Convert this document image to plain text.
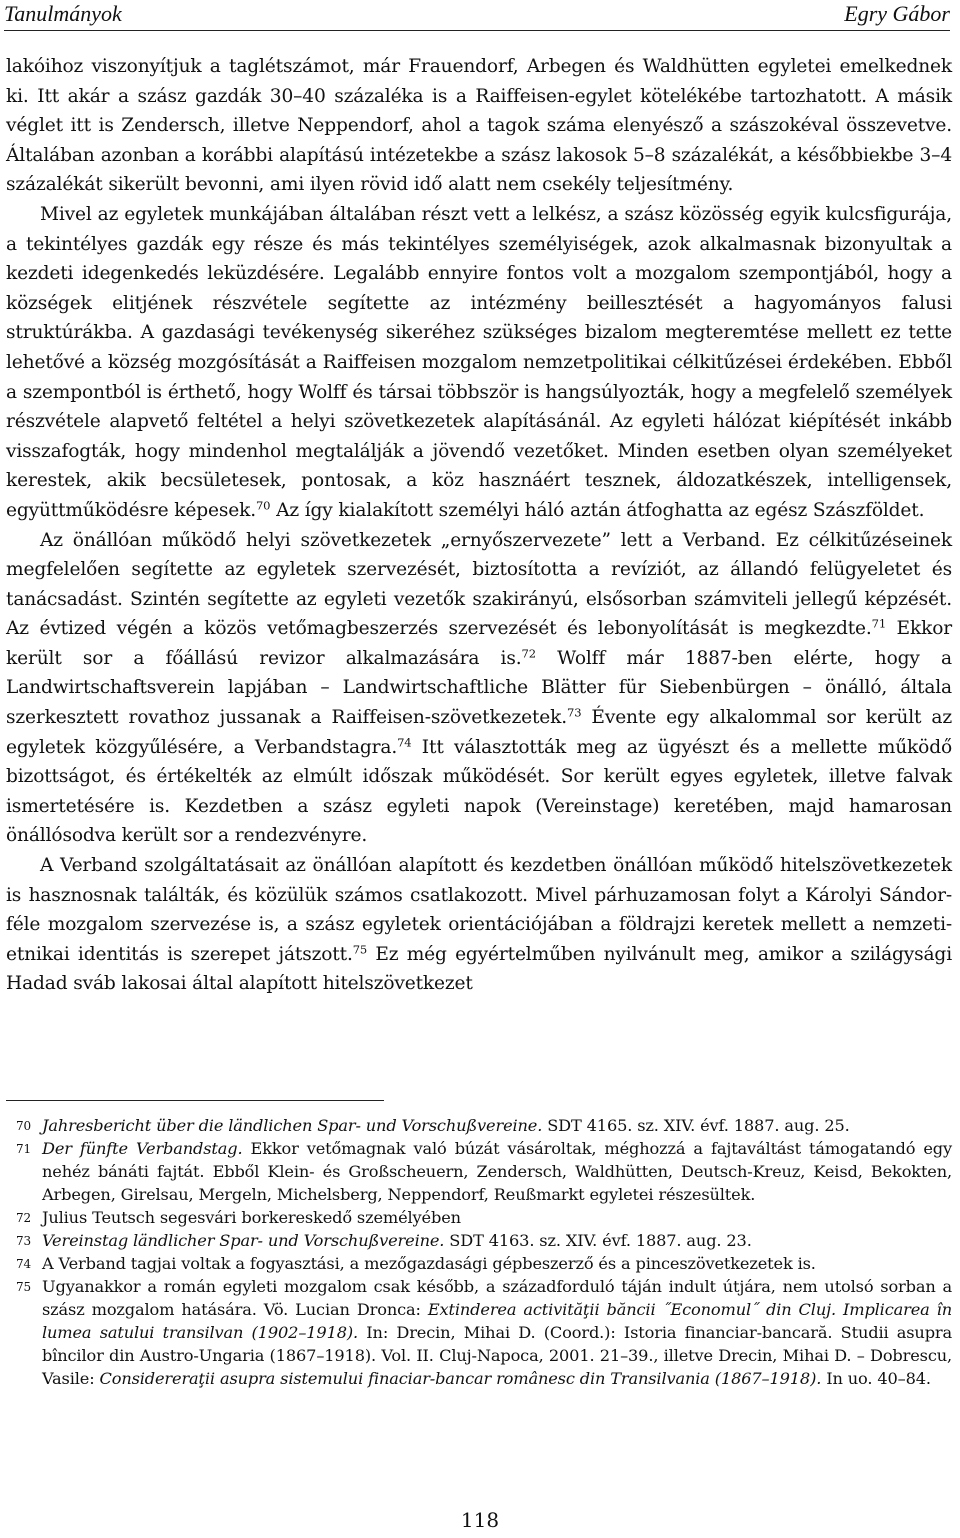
Tanulmányok	Egry Gábor

lakóihoz viszonyítjuk a taglétszámot, már Frauendorf, Arbegen és Waldhütten egyletei emelkednek ki. Itt akár a szász gazdák 30–40 százaléka is a Raiffeisen-egylet kötelékébe tartozhatott. A másik véglet itt is Zendersch, illetve Neppendorf, ahol a tagok száma elenyésző a szászokéval összevetve. Általában azonban a korábbi alapítású intézetekbe a szász lakosok 5–8 százalékát, a későbbiekbe 3–4 százalékát sikerült bevonni, ami ilyen rövid idő alatt nem csekély teljesítmény.

Mivel az egyletek munkájában általában részt vett a lelkész, a szász közösség egyik kulcsfigurája, a tekintélyes gazdák egy része és más tekintélyes személyiségek, azok alkalmasnak bizonyultak a kezdeti idegenkedés leküzdésére. Legalább ennyire fontos volt a mozgalom szempontjából, hogy a községek elitjének részvétele segítette az intézmény beillesztését a hagyományos falusi struktúrákba. A gazdasági tevékenység sikeréhez szükséges bizalom megteremtése mellett ez tette lehetővé a község mozgósítását a Raiffeisen mozgalom nemzetpolitikai célkitűzései érdekében. Ebből a szempontból is érthető, hogy Wolff és társai többször is hangsúlyozták, hogy a megfelelő személyek részvétele alapvető feltétel a helyi szövetkezetek alapításánál. Az egyleti hálózat kiépítését inkább visszafogták, hogy mindenhol megtalálják a jövendő vezetőket. Minden esetben olyan személyeket kerestek, akik becsületesek, pontosak, a köz hasznáért tesznek, áldozatkészek, intelligensek, együttműködésre képesek.$^{70}$ Az így kialakított személyi háló aztán átfoghatta az egész Szászföldet.

Az önállóan működő helyi szövetkezetek „ernyőszervezete” lett a Verband. Ez célkitűzéseinek megfelelően segítette az egyletek szervezését, biztosította a revíziót, az állandó felügyeletet és tanácsadást. Szintén segítette az egyleti vezetők szakirányú, elsősorban számviteli jellegű képzését. Az évtized végén a közös vetőmagbeszerzés szervezését és lebonyolítását is megkezdte.$^{71}$ Ekkor került sor a főállású revizor alkalmazására is.$^{72}$ Wolff már 1887-ben elérte, hogy a Landwirtschaftsverein lapjában – Landwirtschaftliche Blätter für Siebenbürgen – önálló, általa szerkesztett rovathoz jussanak a Raiffeisen-szövetkezetek.$^{73}$ Évente egy alkalommal sor került az egyletek közgyűlésére, a Verbandstagra.$^{74}$ Itt választották meg az ügyészt és a mellette működő bizottságot, és értékelték az elmúlt időszak működését. Sor került egyes egyletek, illetve falvak ismertetésére is. Kezdetben a szász egyleti napok (Vereinstage) keretében, majd hamarosan önállósodva került sor a rendezvényre.

A Verband szolgáltatásait az önállóan alapított és kezdetben önállóan működő hitelszövetkezetek is hasznosnak találták, és közülük számos csatlakozott. Mivel párhuzamosan folyt a Károlyi Sándor-féle mozgalom szervezése is, a szász egyletek orientációjában a földrajzi keretek mellett a nemzeti-etnikai identitás is szerepet játszott.$^{75}$ Ez még egyértelműben nyilvánult meg, amikor a szilágysági Hadad sváb lakosai által alapított hitelszövetkezet

70 Jahresbericht über die ländlichen Spar- und Vorschußvereine. SDT 4165. sz. XIV. évf. 1887. aug. 25.
71 Der fünfte Verbandstag. Ekkor vetőmagnak való búzát vásároltak, méghozzá a fajtaváltást támogatandó egy nehéz bánáti fajtát. Ebből Klein- és Großscheuern, Zendersch, Waldhütten, Deutsch-Kreuz, Keisd, Bekokten, Arbegen, Girelsau, Mergeln, Michelsberg, Neppendorf, Reußmarkt egyletei részesültek.
72 Julius Teutsch segesvári borkereskedő személyében
73 Vereinstag ländlicher Spar- und Vorschußvereine. SDT 4163. sz. XIV. évf. 1887. aug. 23.
74 A Verband tagjai voltak a fogyasztási, a mezőgazdasági gépbeszerző és a pinceszövetkezetek is.
75 Ugyanakkor a román egyleti mozgalom csak később, a századforduló táján indult útjára, nem utolsó sorban a szász mozgalom hatására. Vö. Lucian Dronca: Extinderea activităţii băncii ˝Economul˝ din Cluj. Implicarea în lumea satului transilvan (1902–1918). In: Drecin, Mihai D. (Coord.): Istoria financiar-bancară. Studii asupra bîncilor din Austro-Ungaria (1867–1918). Vol. II. Cluj-Napoca, 2001. 21–39., illetve Drecin, Mihai D. – Dobrescu, Vasile: Considereraţii asupra sistemului finaciar-bancar românesc din Transilvania (1867–1918). In uo. 40–84.
118
